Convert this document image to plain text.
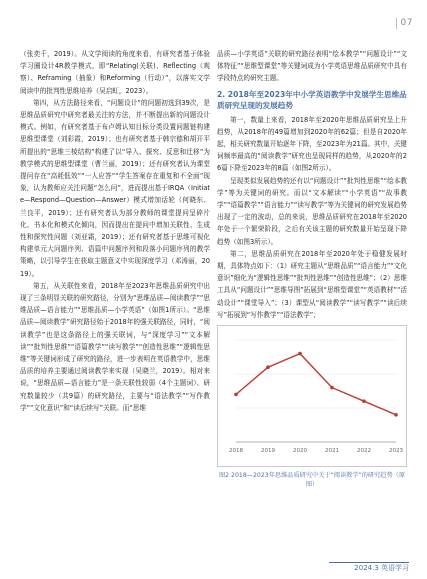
07

（张奕千，2019）。从文学阅读的角度来看，有研究者基于体验学习圈设计4R教学模式，即“Relating(关联)、Reflecting（观察）、Reframing（抽象）和Reforming（行动）”，以落实文学阅读中的批判性思维培养（吴启虹，2023）。

第四，从方法路径来看，“问题设计”的问题初选到39次，是思维品质研究中研究者最关注的方法，并不断提出新的问题设计模式。例如，有研究者基于布卢姆认知目标分类设置问题链构建思维型课堂（刘彩霞，2019）；也有研究者基于韩宗德和胡开平所提出的“思维三棱结构”构建了以“导入、探究、反思和迁移”为教学模式的思维型课堂（曹兰丽，2019）；还有研究者认为课堂提问存在“高耗低效”“一人应答”“学生答案存在重复和不全面”现象，认为教师应关注问题“怎么问”，进而提出基于IRQA（Initiate—Respond—Question—Answer）模式增加话轮（何晓东、兰良平，2019）；还有研究者认为部分教师的课堂提问呈碎片化、书本化和模式化倾向，因而提出在提问中增加关联性、生成性和探究性问题（刘亚霜，2019）；还有研究者基于思维可视化构建单元大问题序列、语篇中问题序列和段落小问题序列的教学策略，以引导学生在获取主题意义中实现深度学习（邓涛丽，2019）。

第五，从关联性来看，2018年至2023年思维品质研究中出现了三条明显关联的研究路径，分别为“思维品质—阅读教学”“思维品质—语言能力”“思维品质—小学英语”（如图1所示）。“思维品质—阅读教学”研究路径始于2018年的强关联路径，同时，“阅读教学”也是这条路径上的强关联词，与“深度学习”“文本解读”“批判性思维”“语篇教学”“读写教学”“创造性思维”“逻辑性思维”等关键词形成了研究的路径，进一步表明在英语教学中，思维品质的培养主要通过阅读教学来实现（吴晓兰，2019）。相对来说，“思维品质—语言能力”是一条关联性较弱（4个主题词）、研究数量较少（共9篇）的研究路径，主要与“语法教学”“写作教学”“文化意识”和“读后续写”关联。而“思维

品质—小学英语”关联的研究路径表明“绘本教学”“问题设计”“文体特征”“思维型课堂”等关键词成为小学英语思维品质研究中具有学段特点的研究主题。

2. 2018年至2023年中小学英语教学中发展学生思维品质研究呈现的发展趋势

第一，数量上来看，2018年至2020年思维品质研究呈上升趋势，从2018年的49篇增加到2020年的62篇；但是自2020年起，相关研究数量开始逐年下降，至2023年为21篇。其中，关键词频率最高的“阅读教学”研究也呈现同样的趋势，从2020年的26篇下降至2023年的8篇（如图2所示）。

呈现类似发展趋势的还有以“问题设计”“批判性思维”“绘本教学”等为关键词的研究。而以“文本解读”“小学英语”“故事教学”“语篇教学”“语言能力”“读写教学”等为关键词的研究发展趋势出现了一定的波动，总的来说，思维品质研究在2018年至2020年处于一个繁荣阶段，之后有关该主题的研究数量开始呈现下降趋势（如图3所示）。

第二，思维品质研究在2018年至2020年处于稳健发展时期，具体特点如下：（1）研究主题从“思维品质”“语言能力”“文化意识”细化为“逻辑性思维”“批判性思维”“创造性思维”；（2）思维工具从“问题设计”“思维导图”拓展到“思维型课堂”“英语教材”“活动设计”“课堂导入”；（3）课型从“阅读教学”“读写教学”“读后续写”拓展到“写作教学”“语法教学”；

2018	2019	2020	2021	2022	2023
图2 2018—2023年思维品质研究中关于“阅读教学”的研究趋势（原图）
2024.3 英语学习
